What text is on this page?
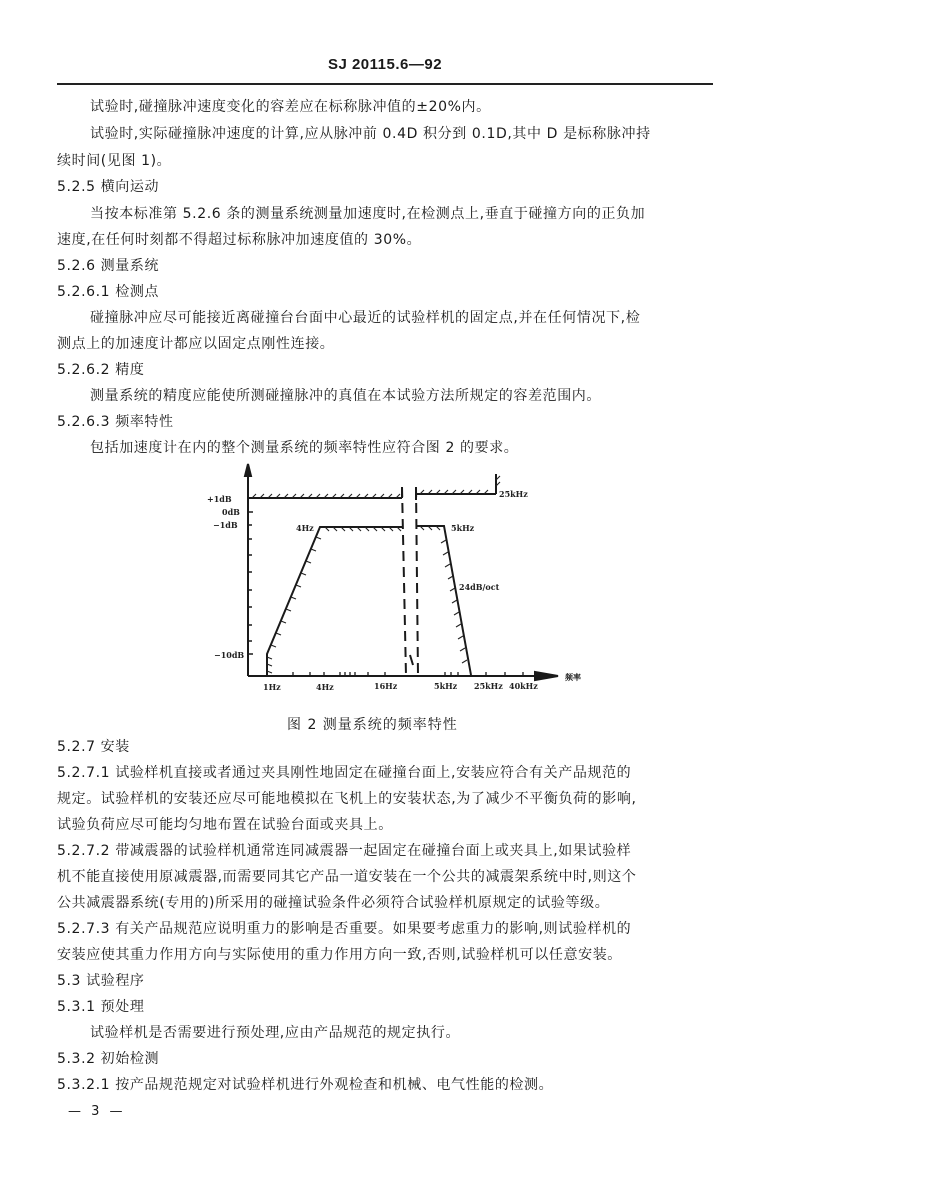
SJ 20115.6—92
试验时,碰撞脉冲速度变化的容差应在标称脉冲值的±20%内。
试验时,实际碰撞脉冲速度的计算,应从脉冲前 0.4D 积分到 0.1D,其中 D 是标称脉冲持
续时间(见图 1)。
5.2.5 横向运动
当按本标准第 5.2.6 条的测量系统测量加速度时,在检测点上,垂直于碰撞方向的正负加
速度,在任何时刻都不得超过标称脉冲加速度值的 30%。
5.2.6 测量系统
5.2.6.1 检测点
碰撞脉冲应尽可能接近离碰撞台台面中心最近的试验样机的固定点,并在任何情况下,检
测点上的加速度计都应以固定点刚性连接。
5.2.6.2 精度
测量系统的精度应能使所测碰撞脉冲的真值在本试验方法所规定的容差范围内。
5.2.6.3 频率特性
包括加速度计在内的整个测量系统的频率特性应符合图 2 的要求。
+1dB
0dB
−1dB
−10dB
4Hz	5kHz
25kHz
24dB/oct
1Hz	4Hz	16Hz	5kHz 25kHz 40kHz
频率
图 2 测量系统的频率特性
5.2.7 安装
5.2.7.1 试验样机直接或者通过夹具刚性地固定在碰撞台面上,安装应符合有关产品规范的
规定。试验样机的安装还应尽可能地模拟在飞机上的安装状态,为了减少不平衡负荷的影响,
试验负荷应尽可能均匀地布置在试验台面或夹具上。
5.2.7.2 带减震器的试验样机通常连同减震器一起固定在碰撞台面上或夹具上,如果试验样
机不能直接使用原减震器,而需要同其它产品一道安装在一个公共的减震架系统中时,则这个
公共减震器系统(专用的)所采用的碰撞试验条件必须符合试验样机原规定的试验等级。
5.2.7.3 有关产品规范应说明重力的影响是否重要。如果要考虑重力的影响,则试验样机的
安装应使其重力作用方向与实际使用的重力作用方向一致,否则,试验样机可以任意安装。
5.3 试验程序
5.3.1 预处理
试验样机是否需要进行预处理,应由产品规范的规定执行。
5.3.2 初始检测
5.3.2.1 按产品规范规定对试验样机进行外观检查和机械、电气性能的检测。
— 3 —
